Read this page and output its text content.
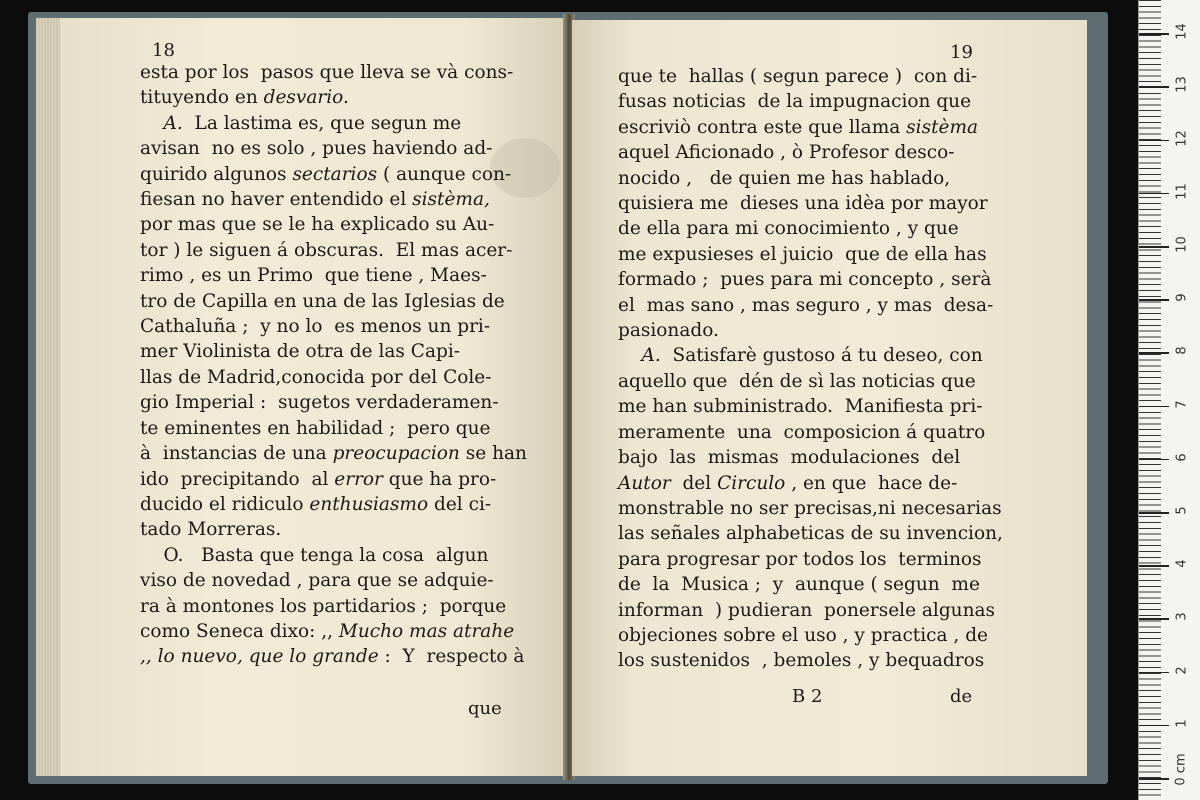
18
esta por los  pasos que lleva se và cons-
tituyendo en desvario.
A.  La lastima es, que segun me
avisan  no es solo , pues haviendo ad-
quirido algunos sectarios ( aunque con-
fiesan no haver entendido el sistèma,
por mas que se le ha explicado su Au-
tor ) le siguen á obscuras.  El mas acer-
rimo , es un Primo  que tiene , Maes-
tro de Capilla en una de las Iglesias de
Cathaluña ;  y no lo  es menos un pri-
mer Violinista de otra de las Capi-
llas de Madrid,conocida por del Cole-
gio Imperial :  sugetos verdaderamen-
te eminentes en habilidad ;  pero que
à  instancias de una preocupacion se han
ido  precipitando  al error que ha pro-
ducido el ridiculo enthusiasmo del ci-
tado Morreras.
O.   Basta que tenga la cosa  algun
viso de novedad , para que se adquie-
ra à montones los partidarios ;  porque
como Seneca dixo: ,, Mucho mas atrahe
,, lo nuevo, que lo grande :  Y  respecto à
que
19
que te  hallas ( segun parece )  con di-
fusas noticias  de la impugnacion que
escriviò contra este que llama sistèma
aquel Aficionado , ò Profesor desco-
nocido ,   de quien me has hablado,
quisiera me  dieses una idèa por mayor
de ella para mi conocimiento , y que
me expusieses el juicio  que de ella has
formado ;  pues para mi concepto , serà
el  mas sano , mas seguro , y mas  desa-
pasionado.
A.  Satisfarè gustoso á tu deseo, con
aquello que  dén de sì las noticias que
me han subministrado.  Manifiesta pri-
meramente  una  composicion á quatro
bajo  las  mismas  modulaciones  del
Autor  del Circulo , en que  hace de-
monstrable no ser precisas,ni necesarias
las señales alphabeticas de su invencion,
para progresar por todos los  terminos
de  la  Musica ;  y  aunque ( segun  me
informan  ) pudieran  ponersele algunas
objeciones sobre el uso , y practica , de
los sustenidos  , bemoles , y bequadros
B 2	de
0 cm
1
2
3
4
5
6
7
8
9
10
11
12
13
14
